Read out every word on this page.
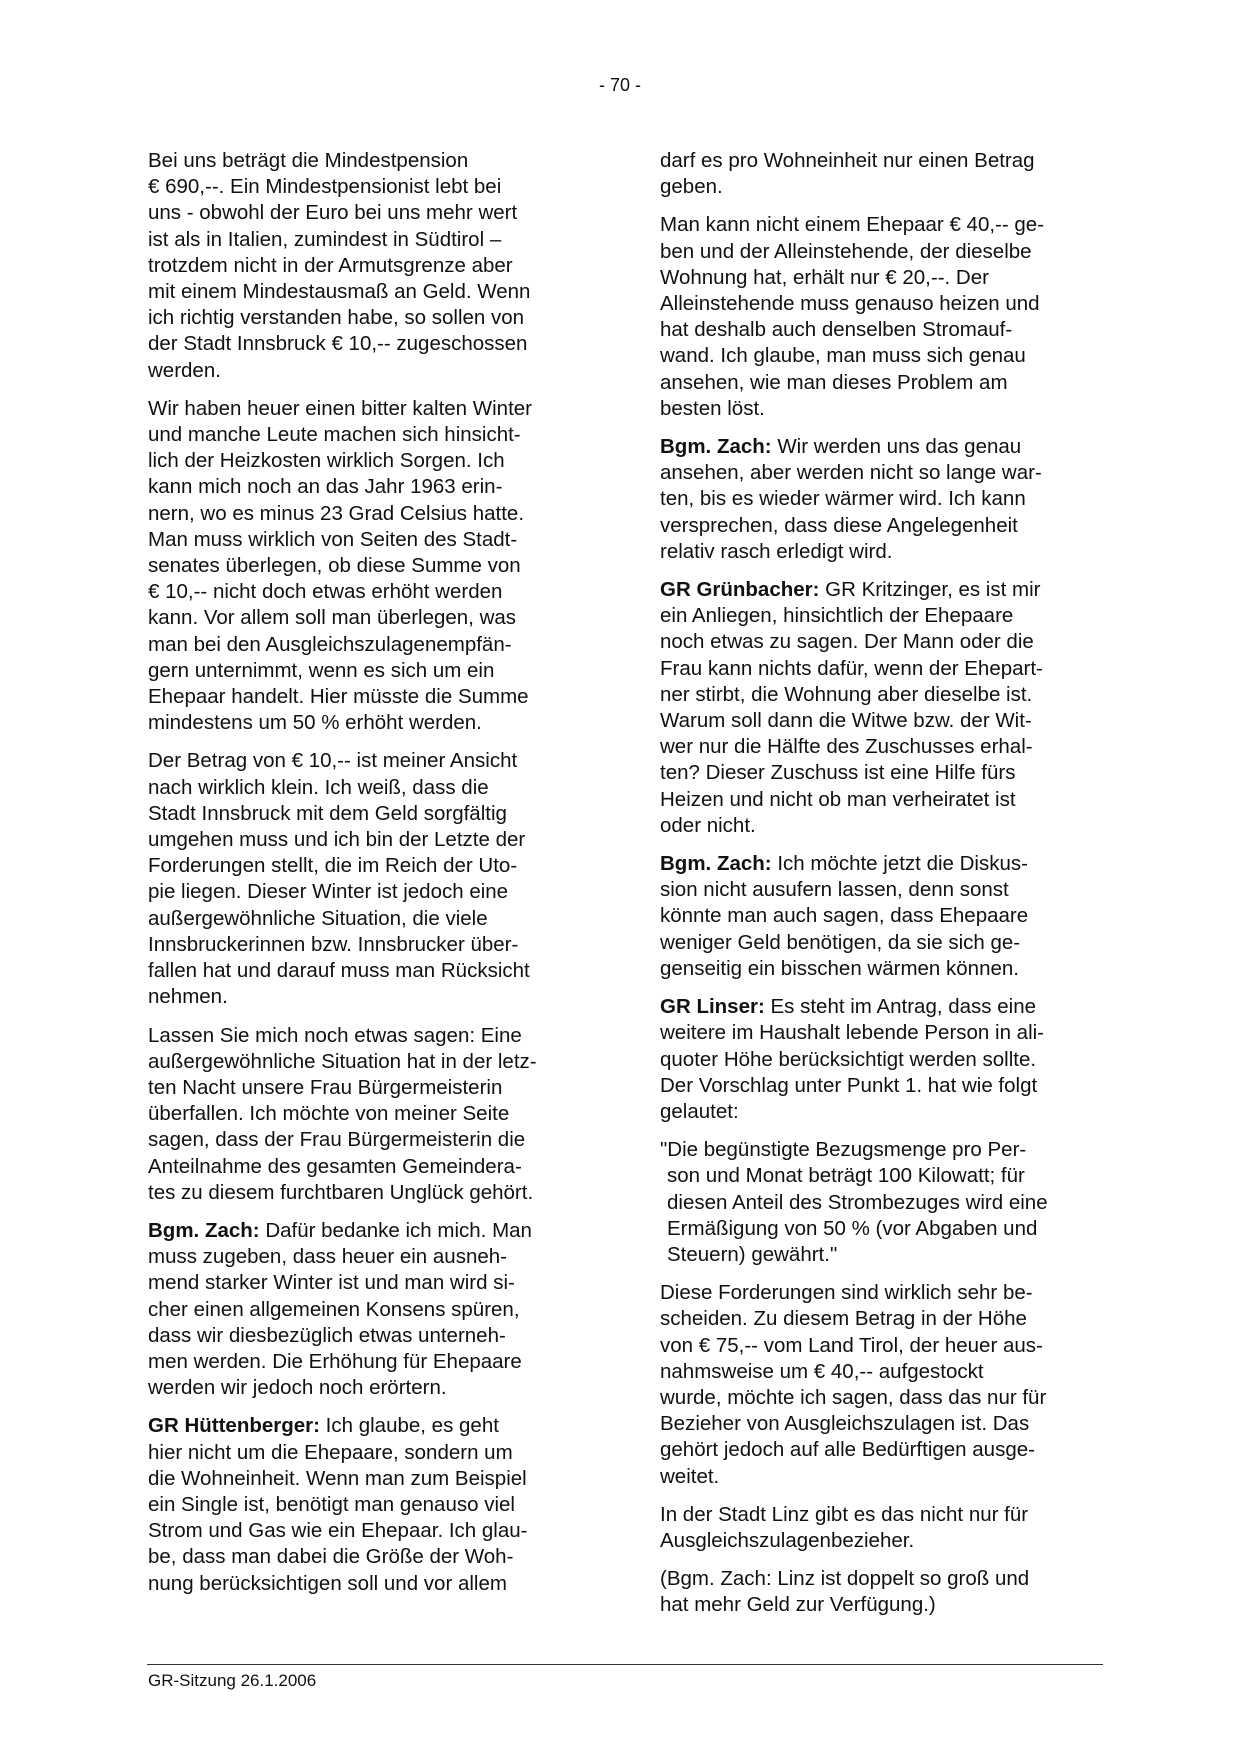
- 70 -

Bei uns beträgt die Mindestpension
€ 690,--. Ein Mindestpensionist lebt bei
uns - obwohl der Euro bei uns mehr wert
ist als in Italien, zumindest in Südtirol –
trotzdem nicht in der Armutsgrenze aber
mit einem Mindestausmaß an Geld. Wenn
ich richtig verstanden habe, so sollen von
der Stadt Innsbruck € 10,-- zugeschossen
werden.

Wir haben heuer einen bitter kalten Winter
und manche Leute machen sich hinsicht-
lich der Heizkosten wirklich Sorgen. Ich
kann mich noch an das Jahr 1963 erin-
nern, wo es minus 23 Grad Celsius hatte.
Man muss wirklich von Seiten des Stadt-
senates überlegen, ob diese Summe von
€ 10,-- nicht doch etwas erhöht werden
kann. Vor allem soll man überlegen, was
man bei den Ausgleichszulagenempfän-
gern unternimmt, wenn es sich um ein
Ehepaar handelt. Hier müsste die Summe
mindestens um 50 % erhöht werden.

Der Betrag von € 10,-- ist meiner Ansicht
nach wirklich klein. Ich weiß, dass die
Stadt Innsbruck mit dem Geld sorgfältig
umgehen muss und ich bin der Letzte der
Forderungen stellt, die im Reich der Uto-
pie liegen. Dieser Winter ist jedoch eine
außergewöhnliche Situation, die viele
Innsbruckerinnen bzw. Innsbrucker über-
fallen hat und darauf muss man Rücksicht
nehmen.

Lassen Sie mich noch etwas sagen: Eine
außergewöhnliche Situation hat in der letz-
ten Nacht unsere Frau Bürgermeisterin
überfallen. Ich möchte von meiner Seite
sagen, dass der Frau Bürgermeisterin die
Anteilnahme des gesamten Gemeindera-
tes zu diesem furchtbaren Unglück gehört.

Bgm. Zach: Dafür bedanke ich mich. Man
muss zugeben, dass heuer ein ausneh-
mend starker Winter ist und man wird si-
cher einen allgemeinen Konsens spüren,
dass wir diesbezüglich etwas unterneh-
men werden. Die Erhöhung für Ehepaare
werden wir jedoch noch erörtern.

GR Hüttenberger: Ich glaube, es geht
hier nicht um die Ehepaare, sondern um
die Wohneinheit. Wenn man zum Beispiel
ein Single ist, benötigt man genauso viel
Strom und Gas wie ein Ehepaar. Ich glau-
be, dass man dabei die Größe der Woh-
nung berücksichtigen soll und vor allem

darf es pro Wohneinheit nur einen Betrag
geben.

Man kann nicht einem Ehepaar € 40,-- ge-
ben und der Alleinstehende, der dieselbe
Wohnung hat, erhält nur € 20,--. Der
Alleinstehende muss genauso heizen und
hat deshalb auch denselben Stromauf-
wand. Ich glaube, man muss sich genau
ansehen, wie man dieses Problem am
besten löst.

Bgm. Zach: Wir werden uns das genau
ansehen, aber werden nicht so lange war-
ten, bis es wieder wärmer wird. Ich kann
versprechen, dass diese Angelegenheit
relativ rasch erledigt wird.

GR Grünbacher: GR Kritzinger, es ist mir
ein Anliegen, hinsichtlich der Ehepaare
noch etwas zu sagen. Der Mann oder die
Frau kann nichts dafür, wenn der Ehepart-
ner stirbt, die Wohnung aber dieselbe ist.
Warum soll dann die Witwe bzw. der Wit-
wer nur die Hälfte des Zuschusses erhal-
ten? Dieser Zuschuss ist eine Hilfe fürs
Heizen und nicht ob man verheiratet ist
oder nicht.

Bgm. Zach: Ich möchte jetzt die Diskus-
sion nicht ausufern lassen, denn sonst
könnte man auch sagen, dass Ehepaare
weniger Geld benötigen, da sie sich ge-
genseitig ein bisschen wärmen können.

GR Linser: Es steht im Antrag, dass eine
weitere im Haushalt lebende Person in ali-
quoter Höhe berücksichtigt werden sollte.
Der Vorschlag unter Punkt 1. hat wie folgt
gelautet:

"Die begünstigte Bezugsmenge pro Per-

son und Monat beträgt 100 Kilowatt; für
diesen Anteil des Strombezuges wird eine
Ermäßigung von 50 % (vor Abgaben und
Steuern) gewährt."

Diese Forderungen sind wirklich sehr be-
scheiden. Zu diesem Betrag in der Höhe
von € 75,-- vom Land Tirol, der heuer aus-
nahmsweise um € 40,-- aufgestockt
wurde, möchte ich sagen, dass das nur für
Bezieher von Ausgleichszulagen ist. Das
gehört jedoch auf alle Bedürftigen ausge-
weitet.

In der Stadt Linz gibt es das nicht nur für
Ausgleichszulagenbezieher.

(Bgm. Zach: Linz ist doppelt so groß und
hat mehr Geld zur Verfügung.)

GR-Sitzung 26.1.2006
